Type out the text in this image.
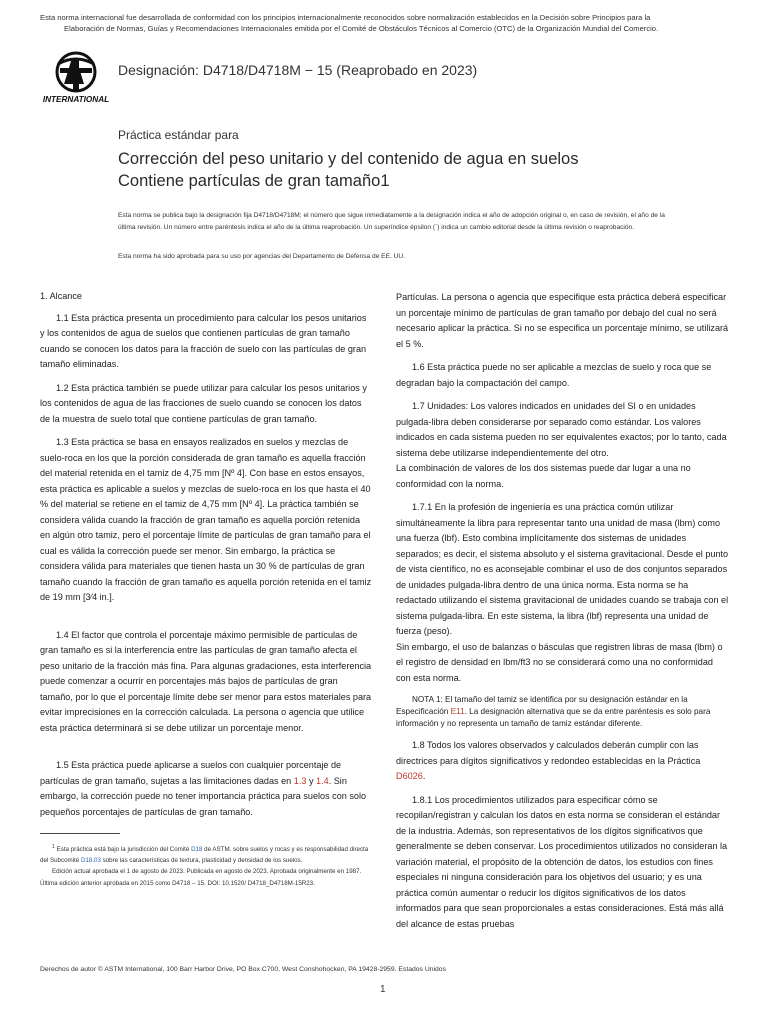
Esta norma internacional fue desarrollada de conformidad con los principios internacionalmente reconocidos sobre normalización establecidos en la Decisión sobre Principios para la
Elaboración de Normas, Guías y Recomendaciones Internacionales emitida por el Comité de Obstáculos Técnicos al Comercio (OTC) de la Organización Mundial del Comercio.
INTERNATIONAL
Designación: D4718/D4718M − 15 (Reaprobado en 2023)
Práctica estándar para
Corrección del peso unitario y del contenido de agua en suelos
Contiene partículas de gran tamaño1
Esta norma se publica bajo la designación fija D4718/D4718M; el número que sigue inmediatamente a la designación indica el año de adopción original o, en caso de revisión, el año de la última revisión. Un número entre paréntesis indica el año de la última reaprobación. Un superíndice épsilon (´) indica un cambio editorial desde la última revisión o reaprobación.
Esta norma ha sido aprobada para su uso por agencias del Departamento de Defensa de EE. UU.

1. Alcance

1.1 Esta práctica presenta un procedimiento para calcular los pesos unitarios y los contenidos de agua de suelos que contienen partículas de gran tamaño cuando se conocen los datos para la fracción de suelo con las partículas de gran tamaño eliminadas.

1.2 Esta práctica también se puede utilizar para calcular los pesos unitarios y los contenidos de agua de las fracciones de suelo cuando se conocen los datos de la muestra de suelo total que contiene partículas de gran tamaño.

1.3 Esta práctica se basa en ensayos realizados en suelos y mezclas de suelo-roca en los que la porción considerada de gran tamaño es aquella fracción del material retenida en el tamiz de 4,75 mm [Nº 4]. Con base en estos ensayos, esta práctica es aplicable a suelos y mezclas de suelo-roca en los que hasta el 40 % del material se retiene en el tamiz de 4,75 mm [Nº 4]. La práctica también se considera válida cuando la fracción de gran tamaño es aquella porción retenida en algún otro tamiz, pero el porcentaje límite de partículas de gran tamaño para el cual es válida la corrección puede ser menor. Sin embargo, la práctica se considera válida para materiales que tienen hasta un 30 % de partículas de gran tamaño cuando la fracción de gran tamaño es aquella porción retenida en el tamiz de 19 mm [3⁄4 in.].

1.4 El factor que controla el porcentaje máximo permisible de partículas de gran tamaño es si la interferencia entre las partículas de gran tamaño afecta el peso unitario de la fracción más fina. Para algunas gradaciones, esta interferencia puede comenzar a ocurrir en porcentajes más bajos de partículas de gran tamaño, por lo que el porcentaje límite debe ser menor para estos materiales para evitar imprecisiones en la corrección calculada. La persona o agencia que utilice esta práctica determinará si se debe utilizar un porcentaje menor.

1.5 Esta práctica puede aplicarse a suelos con cualquier porcentaje de partículas de gran tamaño, sujetas a las limitaciones dadas en 1.3 y 1.4. Sin embargo, la corrección puede no tener importancia práctica para suelos con solo pequeños porcentajes de partículas de gran tamaño.

$^1$ Esta práctica está bajo la jurisdicción del Comité D18 de ASTM. sobre suelos y rocas y es responsabilidad directa del Subcomité D18.03 sobre las características de textura, plasticidad y densidad de los suelos.

Edición actual aprobada el 1 de agosto de 2023. Publicada en agosto de 2023. Aprobada originalmente en 1987. Última edición anterior aprobada en 2015 como D4718 – 15. DOI: 10.1520/ D4718_D4718M-15R23.

Partículas. La persona o agencia que especifique esta práctica deberá especificar un porcentaje mínimo de partículas de gran tamaño por debajo del cual no será necesario aplicar la práctica. Si no se especifica un porcentaje mínimo, se utilizará el 5 %.

1.6 Esta práctica puede no ser aplicable a mezclas de suelo y roca que se degradan bajo la compactación del campo.

1.7 Unidades: Los valores indicados en unidades del SI o en unidades pulgada-libra deben considerarse por separado como estándar. Los valores indicados en cada sistema pueden no ser equivalentes exactos; por lo tanto, cada sistema debe utilizarse independientemente del otro.

La combinación de valores de los dos sistemas puede dar lugar a una no conformidad con la norma.

1.7.1 En la profesión de ingeniería es una práctica común utilizar simultáneamente la libra para representar tanto una unidad de masa (lbm) como una fuerza (lbf). Esto combina implícitamente dos sistemas de unidades separados; es decir, el sistema absoluto y el sistema gravitacional. Desde el punto de vista científico, no es aconsejable combinar el uso de dos conjuntos separados de unidades pulgada-libra dentro de una única norma. Esta norma se ha redactado utilizando el sistema gravitacional de unidades cuando se trabaja con el sistema pulgada-libra. En este sistema, la libra (lbf) representa una unidad de fuerza (peso).

Sin embargo, el uso de balanzas o básculas que registren libras de masa (lbm) o el registro de densidad en lbm/ft3 no se considerará como una no conformidad con esta norma.

NOTA 1: El tamaño del tamiz se identifica por su designación estándar en la Especificación E11. La designación alternativa que se da entre paréntesis es solo para información y no representa un tamaño de tamiz estándar diferente.

1.8 Todos los valores observados y calculados deberán cumplir con las directrices para dígitos significativos y redondeo establecidas en la Práctica D6026.

1.8.1 Los procedimientos utilizados para especificar cómo se recopilan/registran y calculan los datos en esta norma se consideran el estándar de la industria. Además, son representativos de los dígitos significativos que generalmente se deben conservar. Los procedimientos utilizados no consideran la variación material, el propósito de la obtención de datos, los estudios con fines especiales ni ninguna consideración para los objetivos del usuario; y es una práctica común aumentar o reducir los dígitos significativos de los datos informados para que sean proporcionales a estas consideraciones. Está más allá del alcance de estas pruebas

Derechos de autor © ASTM International, 100 Barr Harbor Drive, PO Box C700, West Conshohocken, PA 19428-2959. Estados Unidos
1
